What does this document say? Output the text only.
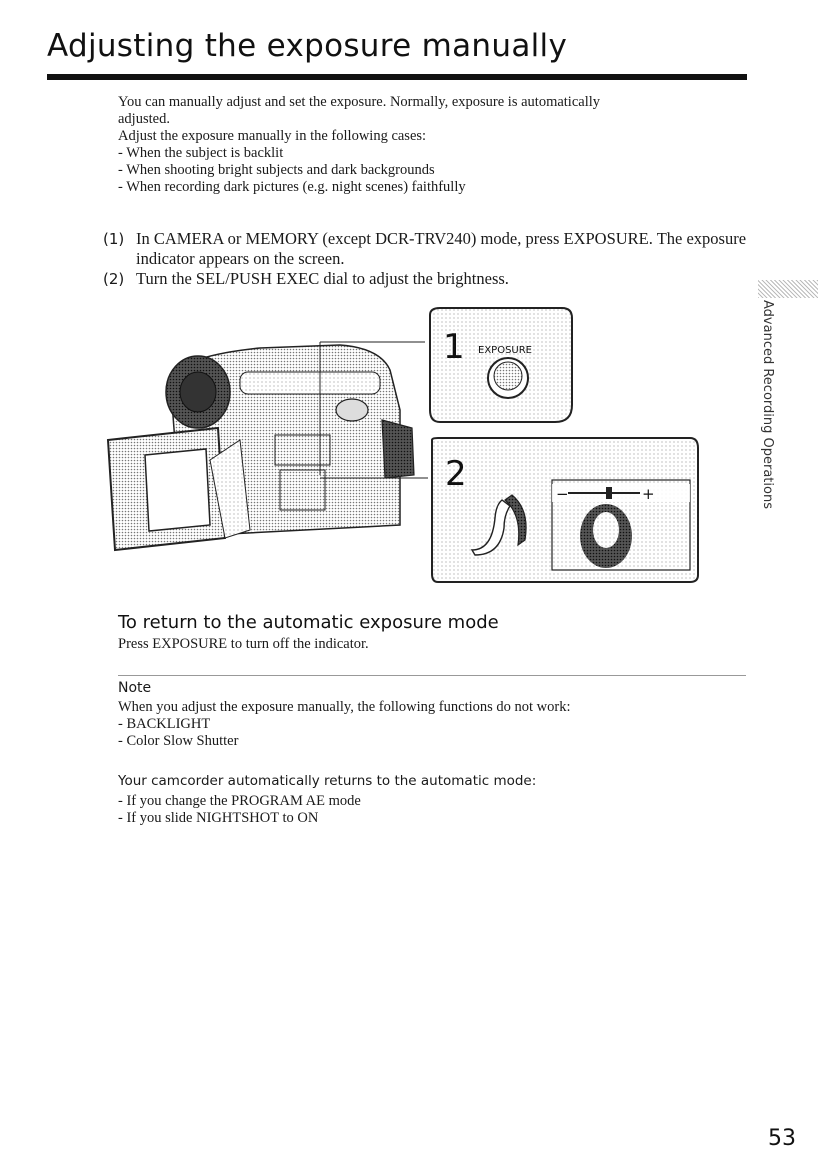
Adjusting the exposure manually
You can manually adjust and set the exposure. Normally, exposure is automatically
adjusted.
Adjust the exposure manually in the following cases:
- When the subject is backlit
- When shooting bright subjects and dark backgrounds
- When recording dark pictures (e.g. night scenes) faithfully
(1) In CAMERA or MEMORY (except DCR-TRV240) mode, press EXPOSURE. The exposure indicator appears on the screen.
(2) Turn the SEL/PUSH EXEC dial to adjust the brightness.
Advanced Recording Operations
1 EXPOSURE
2	−	+
To return to the automatic exposure mode
Press EXPOSURE to turn off the indicator.
Note
When you adjust the exposure manually, the following functions do not work:
- BACKLIGHT
- Color Slow Shutter
Your camcorder automatically returns to the automatic mode:
- If you change the PROGRAM AE mode
- If you slide NIGHTSHOT to ON
53
